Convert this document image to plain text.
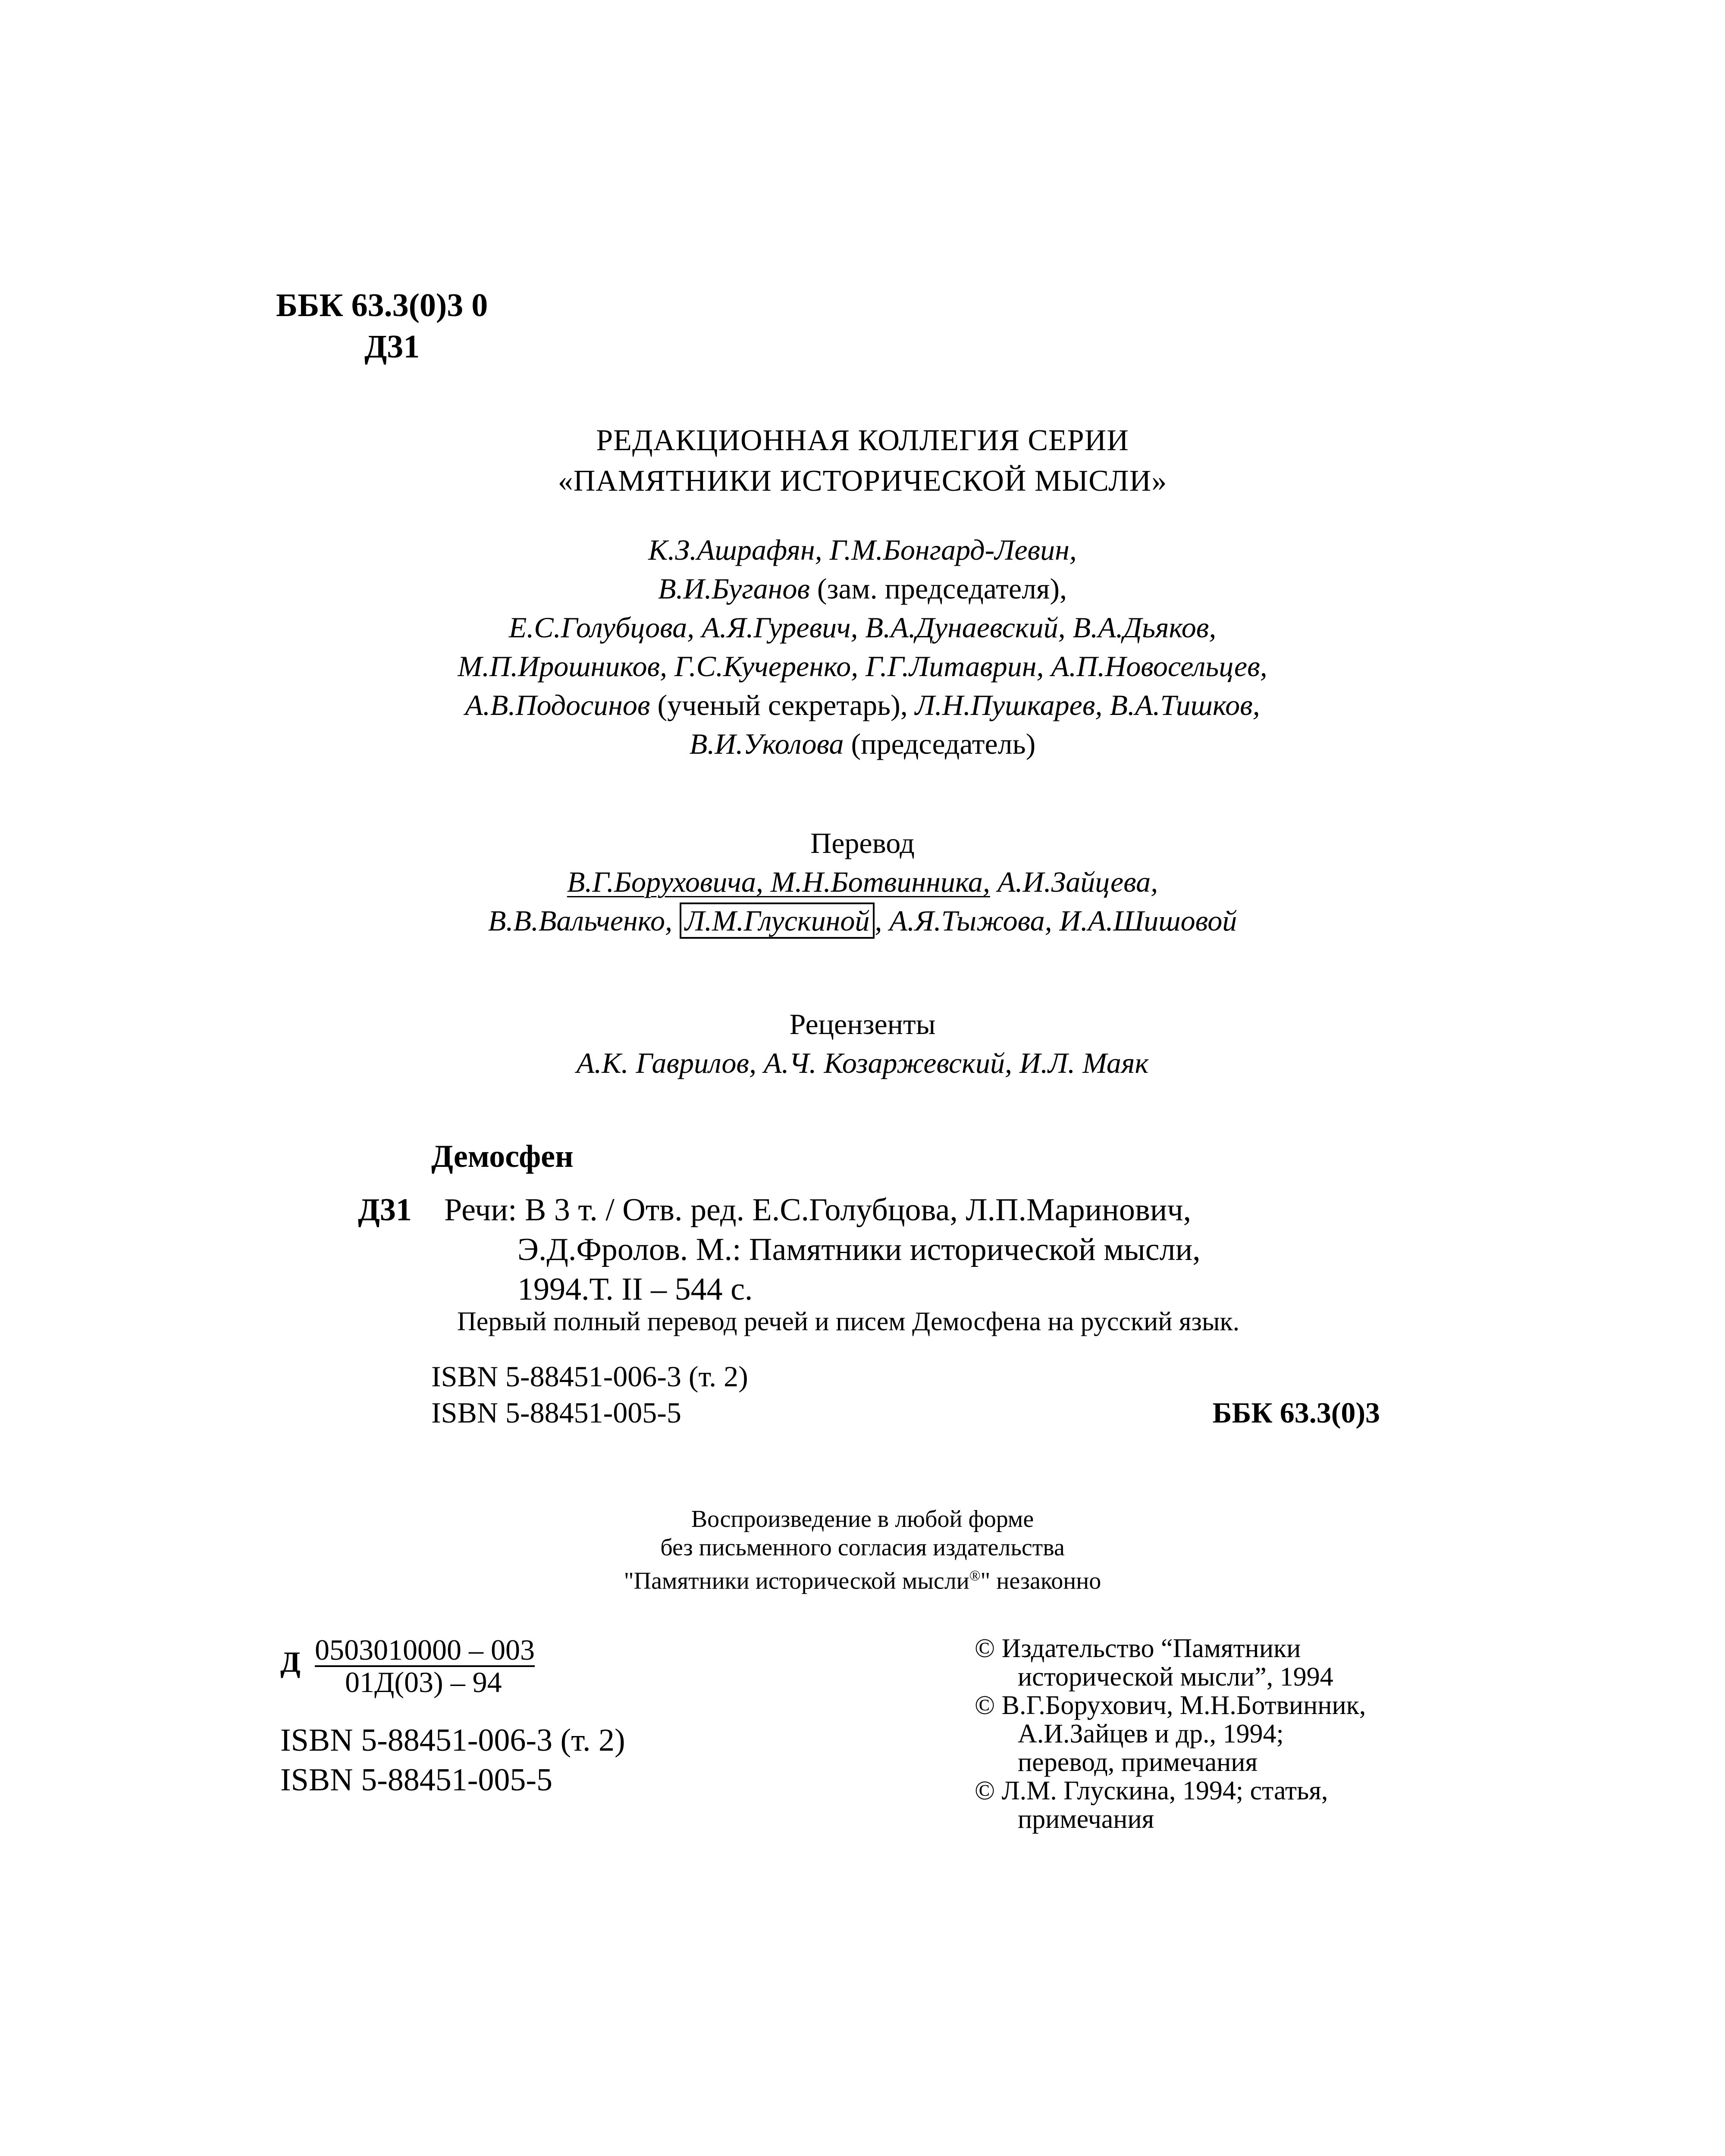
ББК 63.3(0)3 0
Д31
РЕДАКЦИОННАЯ КОЛЛЕГИЯ СЕРИИ
«ПАМЯТНИКИ ИСТОРИЧЕСКОЙ МЫСЛИ»
К.З.Ашрафян, Г.М.Бонгард-Левин,
В.И.Буганов (зам. председателя),
Е.С.Голубцова, А.Я.Гуревич, В.А.Дунаевский, В.А.Дьяков,
М.П.Ирошников, Г.С.Кучеренко, Г.Г.Литаврин, А.П.Новосельцев,
А.В.Подосинов (ученый секретарь), Л.Н.Пушкарев, В.А.Тишков,
В.И.Уколова (председатель)
Перевод
В.Г.Боруховича, М.Н.Ботвинника, А.И.Зайцева,
В.В.Вальченко, Л.М.Глускиной , А.Я.Тыжова, И.А.Шишовой
Рецензенты
А.К. Гаврилов, А.Ч. Козаржевский, И.Л. Маяк
Демосфен
Д31 Речи: В 3 т. / Отв. ред. Е.С.Голубцова, Л.П.Маринович,
Э.Д.Фролов. М.: Памятники исторической мысли,
1994.Т. II – 544 с.
Первый полный перевод речей и писем Демосфена на русский язык.
ISBN 5-88451-006-3 (т. 2)
ISBN 5-88451-005-5	ББК 63.3(0)3
Воспроизведение в любой форме
без письменного согласия издательства
"Памятники исторической мысли®" незаконно
Д 0503010000 – 003
01Д(03) – 94
ISBN 5-88451-006-3 (т. 2)
ISBN 5-88451-005-5
© Издательство “Памятники
исторической мысли”, 1994
© В.Г.Борухович, М.Н.Ботвинник,
А.И.Зайцев и др., 1994;
перевод, примечания
© Л.М. Глускина, 1994; статья,
примечания
